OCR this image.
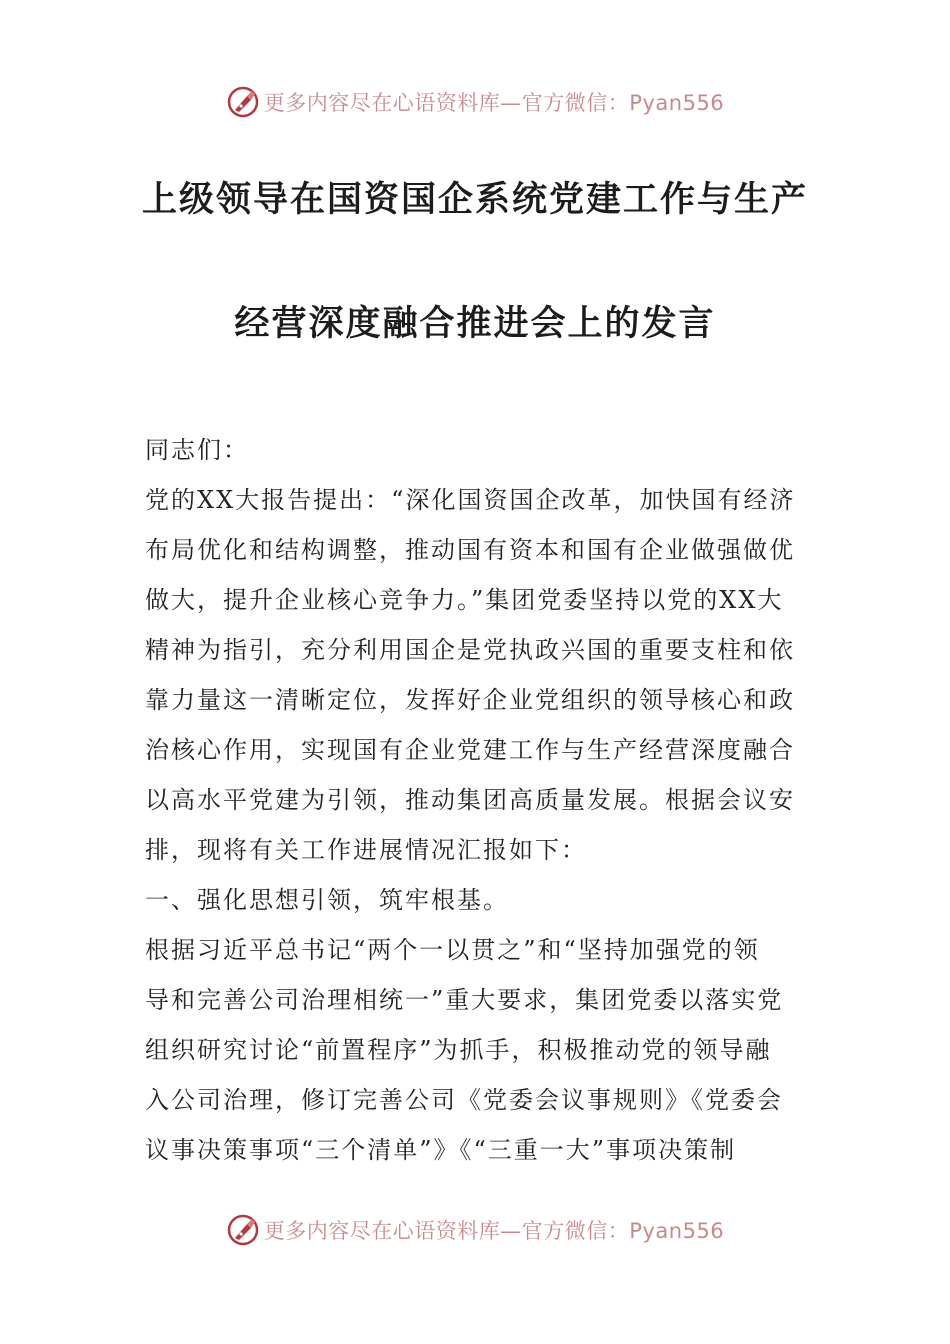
更多内容尽在心语资料库—官方微信：Pyan556
上级领导在国资国企系统党建工作与生产
经营深度融合推进会上的发言

同志们：

党的XX大报告提出：“深化国资国企改革，加快国有经济

布局优化和结构调整，推动国有资本和国有企业做强做优

做大，提升企业核心竞争力。”集团党委坚持以党的XX大

精神为指引，充分利用国企是党执政兴国的重要支柱和依

靠力量这一清晰定位，发挥好企业党组织的领导核心和政

治核心作用，实现国有企业党建工作与生产经营深度融合

以高水平党建为引领，推动集团高质量发展。根据会议安

排，现将有关工作进展情况汇报如下：

一、强化思想引领，筑牢根基。

根据习近平总书记“两个一以贯之”和“坚持加强党的领

导和完善公司治理相统一”重大要求，集团党委以落实党

组织研究讨论“前置程序”为抓手，积极推动党的领导融

入公司治理，修订完善公司《党委会议事规则》《党委会

议事决策事项“三个清单”》《“三重一大”事项决策制

更多内容尽在心语资料库—官方微信：Pyan556
